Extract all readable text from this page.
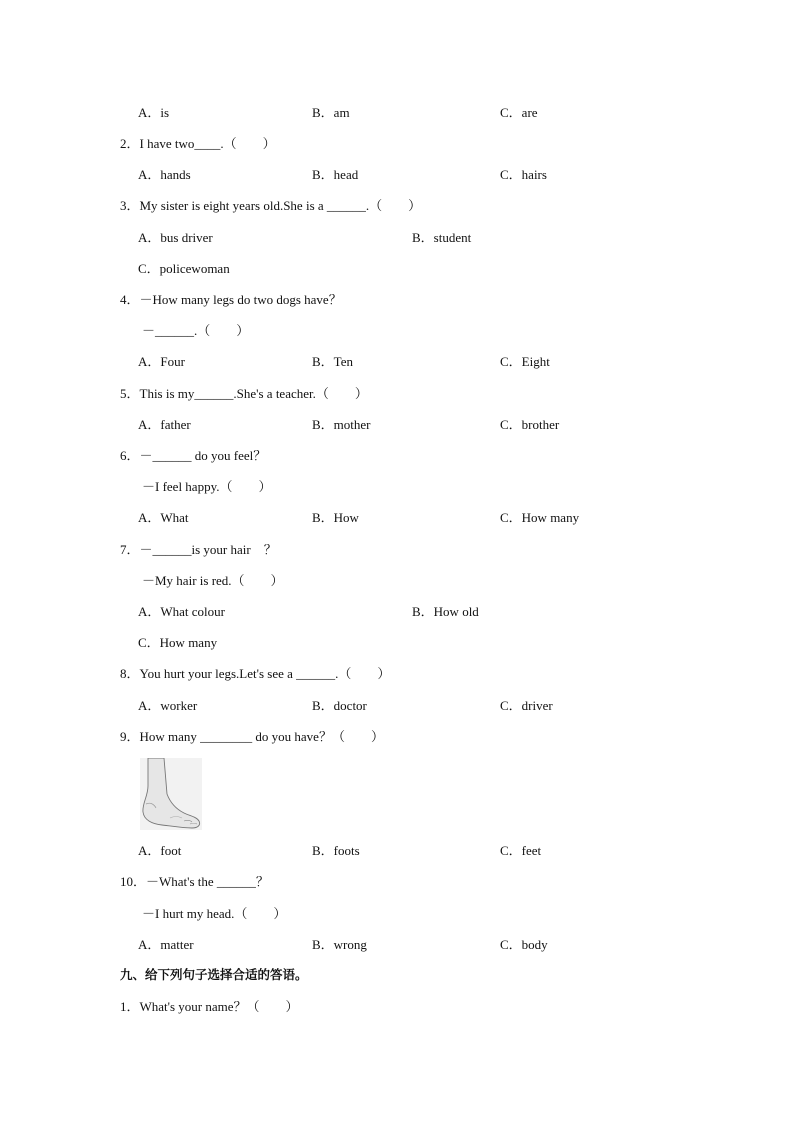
A．is	B．am	C．are
2．I have two____.（　　）
A．hands	B．head	C．hairs
3．My sister is eight years old.She is a ______.（　　）
A．bus driver	B．student
C．policewoman
4．－How many legs do two dogs have？
－______.（　　）
A．Four	B．Ten	C．Eight
5．This is my______.She's a teacher.（　　）
A．father	B．mother	C．brother
6．－______ do you feel？
－I feel happy.（　　）
A．What	B．How	C．How many
7．－______is your hair　？
－My hair is red.（　　）
A．What colour	B．How old
C．How many
8．You hurt your legs.Let's see a ______.（　　）
A．worker	B．doctor	C．driver
9．How many ________ do you have？（　　）
A．foot	B．foots	C．feet
10．－What's the ______？
－I hurt my head.（　　）
A．matter	B．wrong	C．body
九、给下列句子选择合适的答语。
1．What's your name？（　　）
